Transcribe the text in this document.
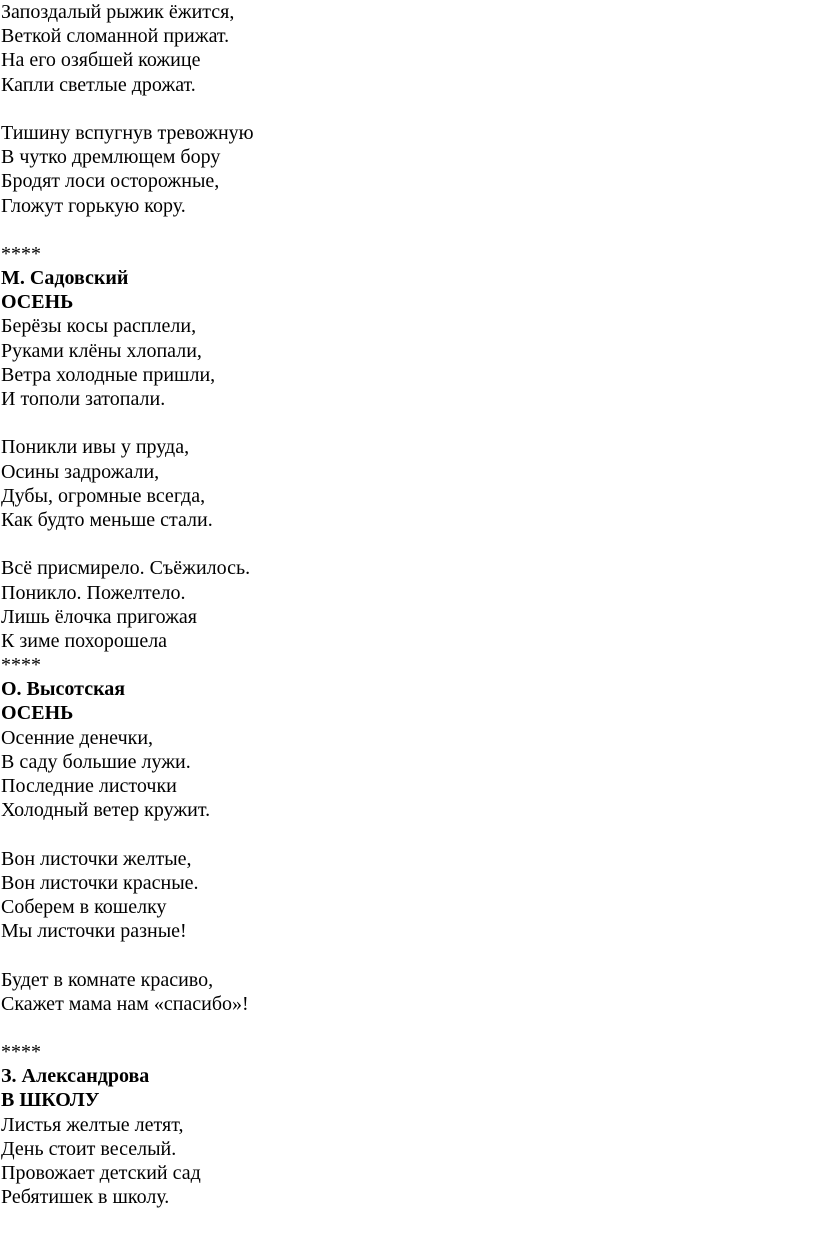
Запоздалый рыжик ёжится,
Веткой сломанной прижат.
На его озябшей кожице
Капли светлые дрожат.
Тишину вспугнув тревожную
В чутко дремлющем бору
Бродят лоси осторожные,
Гложут горькую кору.
****
М. Садовский
ОСЕНЬ
Берёзы косы расплели,
Руками клёны хлопали,
Ветра холодные пришли,
И тополи затопали.
Поникли ивы у пруда,
Осины задрожали,
Дубы, огромные всегда,
Как будто меньше стали.
Всё присмирело. Съёжилось.
Поникло. Пожелтело.
Лишь ёлочка пригожая
К зиме похорошела
****
О. Высотская
ОСЕНЬ
Осенние денечки,
В саду большие лужи.
Последние листочки
Холодный ветер кружит.
Вон листочки желтые,
Вон листочки красные.
Соберем в кошелку
Мы листочки разные!
Будет в комнате красиво,
Скажет мама нам «спасибо»!
****
З. Александрова
В ШКОЛУ
Листья желтые летят,
День стоит веселый.
Провожает детский сад
Ребятишек в школу.
